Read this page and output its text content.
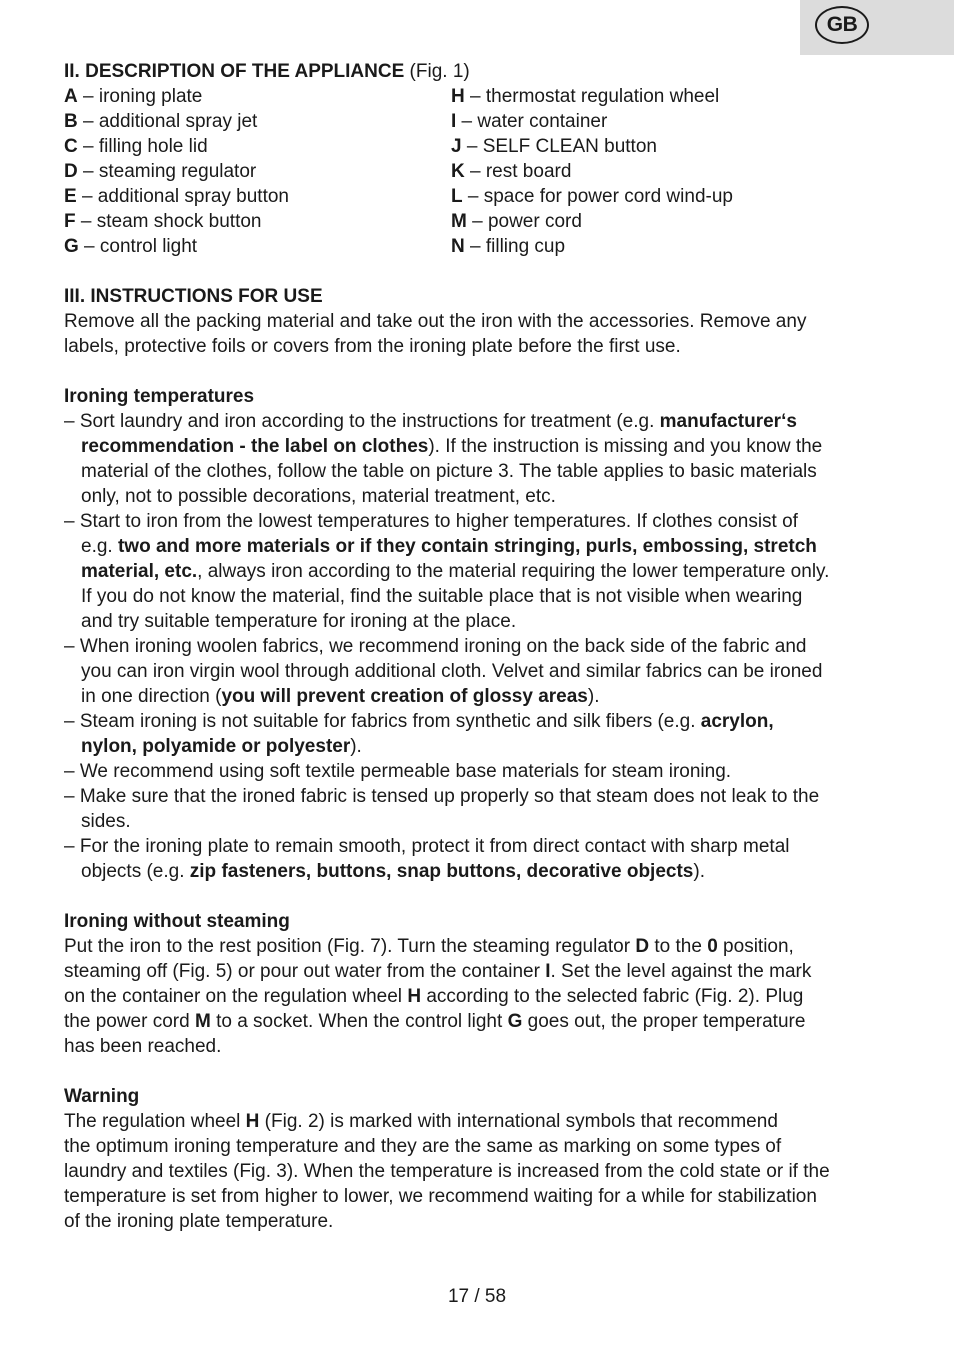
GB
II. DESCRIPTION OF THE APPLIANCE (Fig. 1)
A – ironing plate
B – additional spray jet
C – filling hole lid
D – steaming regulator
E – additional spray button
F – steam shock button
G – control light
H – thermostat regulation wheel
I – water container
J – SELF CLEAN button
K – rest board
L – space for power cord wind-up
M – power cord
N – filling cup
III. INSTRUCTIONS FOR USE
Remove all the packing material and take out the iron with the accessories. Remove any
labels, protective foils or covers from the ironing plate before the first use.
Ironing temperatures
– Sort laundry and iron according to the instructions for treatment (e.g. manufacturer‘s
recommendation - the label on clothes). If the instruction is missing and you know the
material of the clothes, follow the table on picture 3. The table applies to basic materials
only, not to possible decorations, material treatment, etc.
– Start to iron from the lowest temperatures to higher temperatures. If clothes consist of
e.g. two and more materials or if they contain stringing, purls, embossing, stretch
material, etc., always iron according to the material requiring the lower temperature only.
If you do not know the material, find the suitable place that is not visible when wearing
and try suitable temperature for ironing at the place.
– When ironing woolen fabrics, we recommend ironing on the back side of the fabric and
you can iron virgin wool through additional cloth. Velvet and similar fabrics can be ironed
in one direction (you will prevent creation of glossy areas).
– Steam ironing is not suitable for fabrics from synthetic and silk fibers (e.g. acrylon,
nylon, polyamide or polyester).
– We recommend using soft textile permeable base materials for steam ironing.
– Make sure that the ironed fabric is tensed up properly so that steam does not leak to the
sides.
– For the ironing plate to remain smooth, protect it from direct contact with sharp metal
objects (e.g. zip fasteners, buttons, snap buttons, decorative objects).
Ironing without steaming
Put the iron to the rest position (Fig. 7). Turn the steaming regulator D to the 0 position,
steaming off (Fig. 5) or pour out water from the container I. Set the level against the mark
on the container on the regulation wheel H according to the selected fabric (Fig. 2). Plug
the power cord M to a socket. When the control light G goes out, the proper temperature
has been reached.
Warning
The regulation wheel H (Fig. 2) is marked with international symbols that recommend
the optimum ironing temperature and they are the same as marking on some types of
laundry and textiles (Fig. 3). When the temperature is increased from the cold state or if the
temperature is set from higher to lower, we recommend waiting for a while for stabilization
of the ironing plate temperature.
17 / 58
